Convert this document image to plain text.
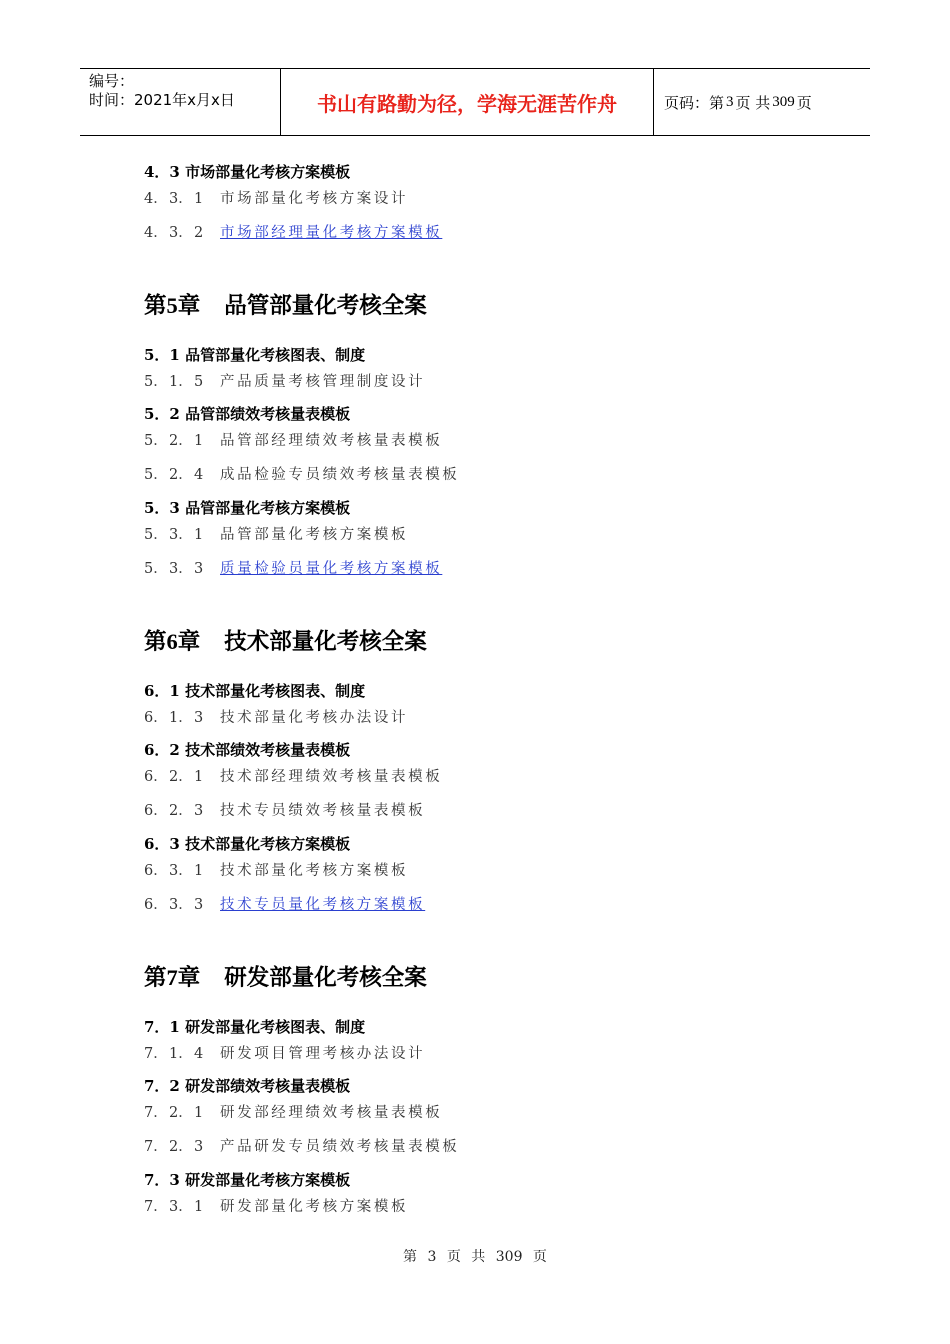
编号：
时间：2021年x月x日	书山有路勤为径，学海无涯苦作舟	页码：第 3 页 共 309 页
4．3 市场部量化考核方案模板
4．3．1 市场部量化考核方案设计
4．3．2 市场部经理量化考核方案模板
第5章 品管部量化考核全案
5．1 品管部量化考核图表、制度
5．1．5 产品质量考核管理制度设计
5．2 品管部绩效考核量表模板
5．2．1 品管部经理绩效考核量表模板
5．2．4 成品检验专员绩效考核量表模板
5．3 品管部量化考核方案模板
5．3．1 品管部量化考核方案模板
5．3．3 质量检验员量化考核方案模板
第6章 技术部量化考核全案
6．1 技术部量化考核图表、制度
6．1．3 技术部量化考核办法设计
6．2 技术部绩效考核量表模板
6．2．1 技术部经理绩效考核量表模板
6．2．3 技术专员绩效考核量表模板
6．3 技术部量化考核方案模板
6．3．1 技术部量化考核方案模板
6．3．3 技术专员量化考核方案模板
第7章 研发部量化考核全案
7．1 研发部量化考核图表、制度
7．1．4 研发项目管理考核办法设计
7．2 研发部绩效考核量表模板
7．2．1 研发部经理绩效考核量表模板
7．2．3 产品研发专员绩效考核量表模板
7．3 研发部量化考核方案模板
7．3．1 研发部量化考核方案模板
第 3 页 共 309 页
